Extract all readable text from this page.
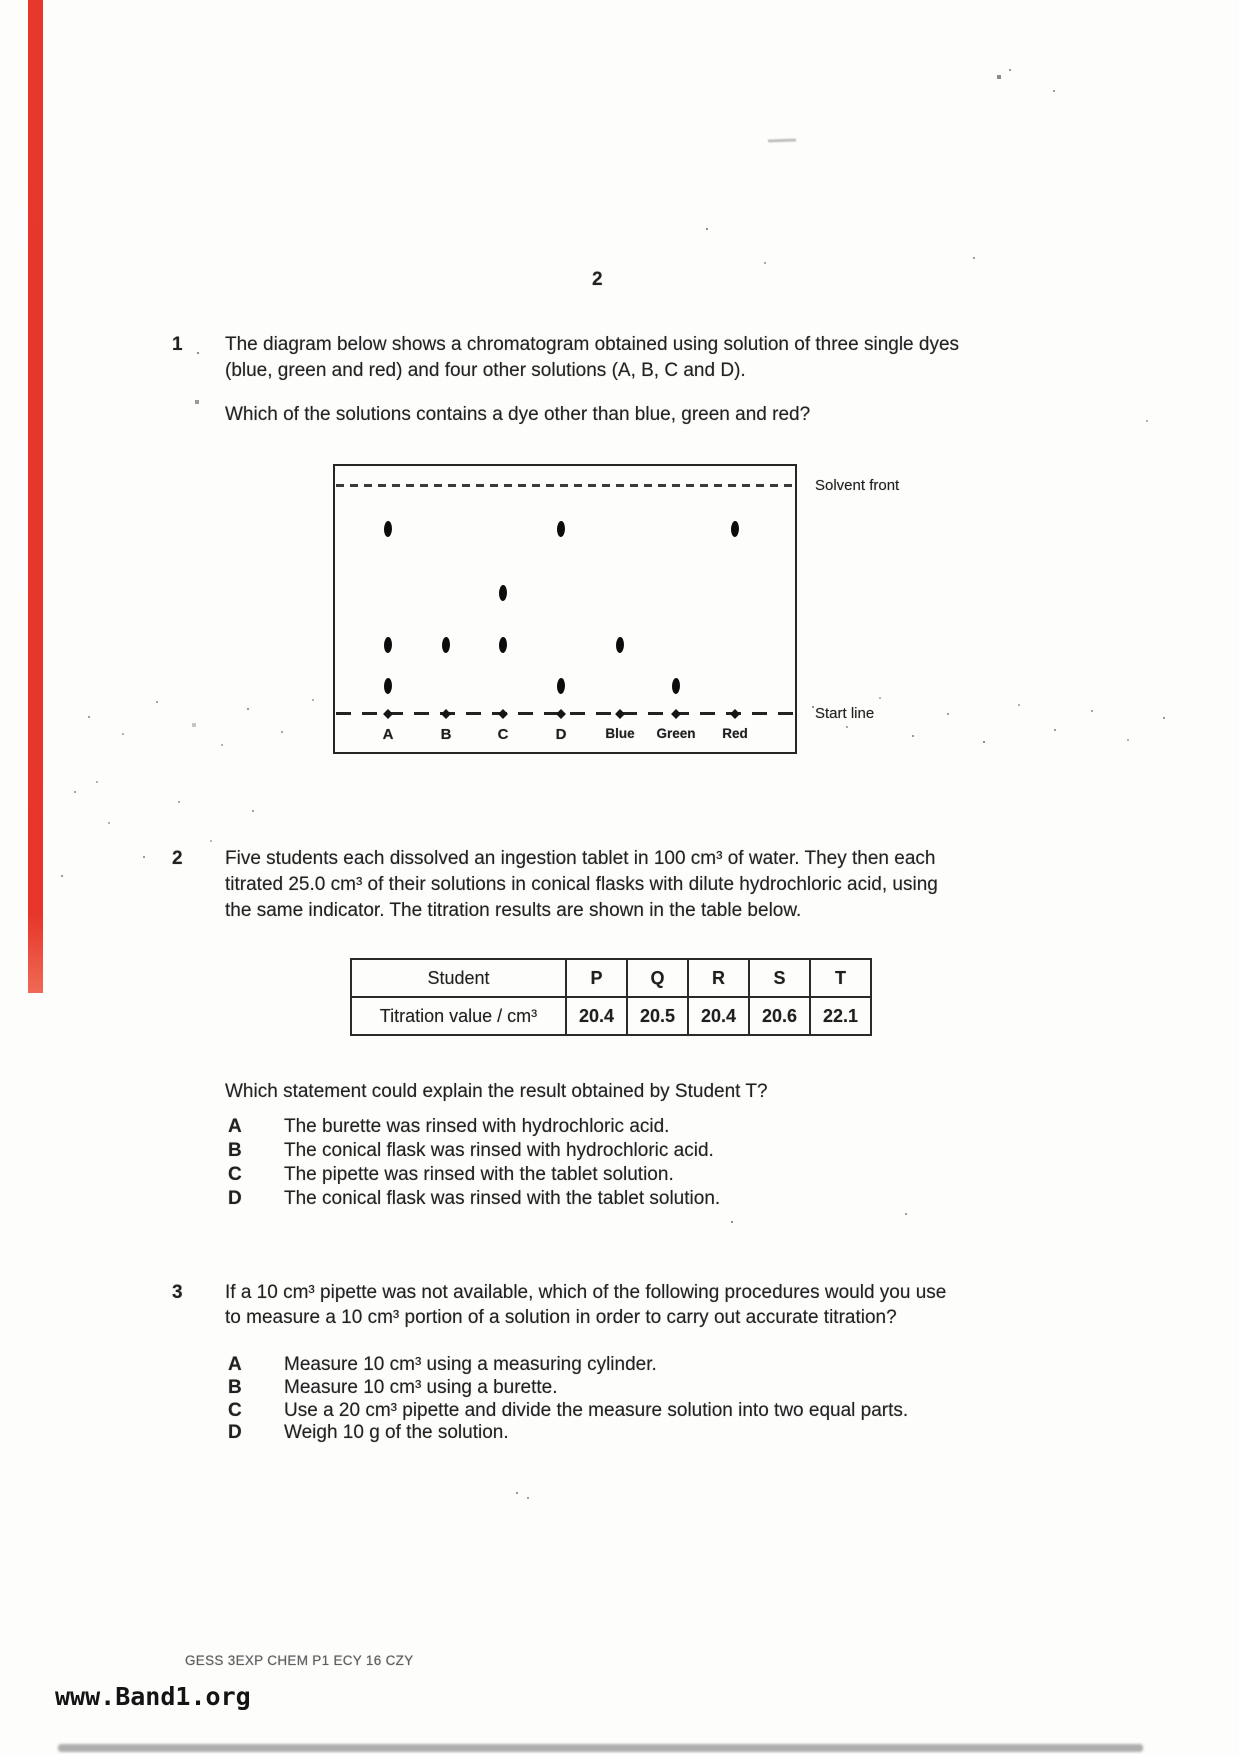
2
1 The diagram below shows a chromatogram obtained using solution of three single dyes
(blue, green and red) and four other solutions (A, B, C and D).
Which of the solutions contains a dye other than blue, green and red?
Solvent front
Start line
2 Five students each dissolved an ingestion tablet in 100 cm³ of water. They then each
titrated 25.0 cm³ of their solutions in conical flasks with dilute hydrochloric acid, using
the same indicator. The titration results are shown in the table below.
Student	P	Q	R	S	T
Titration value / cm³	20.4	20.5	20.4	20.6	22.1
Which statement could explain the result obtained by Student T?
A The burette was rinsed with hydrochloric acid.
B The conical flask was rinsed with hydrochloric acid.
C The pipette was rinsed with the tablet solution.
D The conical flask was rinsed with the tablet solution.
3 If a 10 cm³ pipette was not available, which of the following procedures would you use
to measure a 10 cm³ portion of a solution in order to carry out accurate titration?
A Measure 10 cm³ using a measuring cylinder.
B Measure 10 cm³ using a burette.
C Use a 20 cm³ pipette and divide the measure solution into two equal parts.
D Weigh 10 g of the solution.
GESS 3EXP CHEM P1 ECY 16 CZY
www.Band1.org
A	B	C	D	Blue Green Red
